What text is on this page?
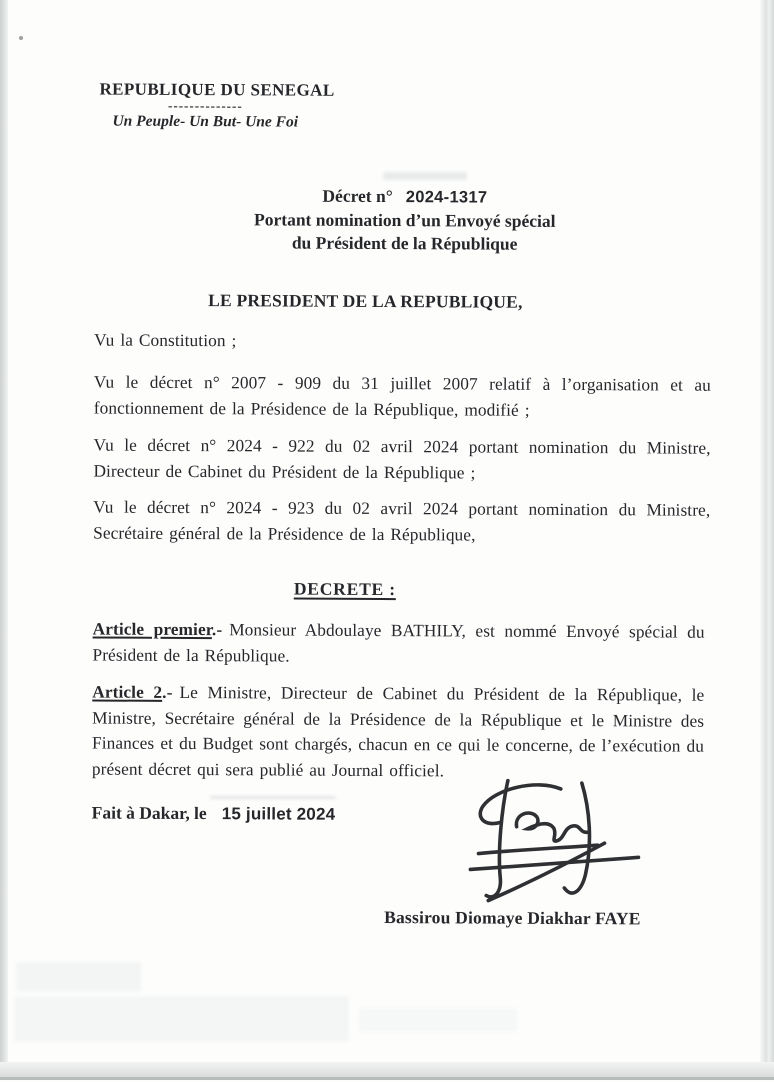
REPUBLIQUE DU SENEGAL
--------------
Un Peuple- Un But- Une Foi
Décret n° 2024-1317
Portant nomination d’un Envoyé spécial
du Président de la République
LE PRESIDENT DE LA REPUBLIQUE,

Vu la Constitution ;

Vu le décret n° 2007 - 909 du 31 juillet 2007 relatif à l’organisation et au fonctionnement de la Présidence de la République, modifié ;

Vu le décret n° 2024 - 922 du 02 avril 2024 portant nomination du Ministre, Directeur de Cabinet du Président de la République ;

Vu le décret n° 2024 - 923 du 02 avril 2024 portant nomination du Ministre, Secrétaire général de la Présidence de la République,

DECRETE :

Article premier.- Monsieur Abdoulaye BATHILY, est nommé Envoyé spécial du Président de la République.

Article 2.- Le Ministre, Directeur de Cabinet du Président de la République, le Ministre, Secrétaire général de la Présidence de la République et le Ministre des Finances et du Budget sont chargés, chacun en ce qui le concerne, de l’exécution du présent décret qui sera publié au Journal officiel.

Fait à Dakar, le 15 juillet 2024
Bassirou Diomaye Diakhar FAYE
